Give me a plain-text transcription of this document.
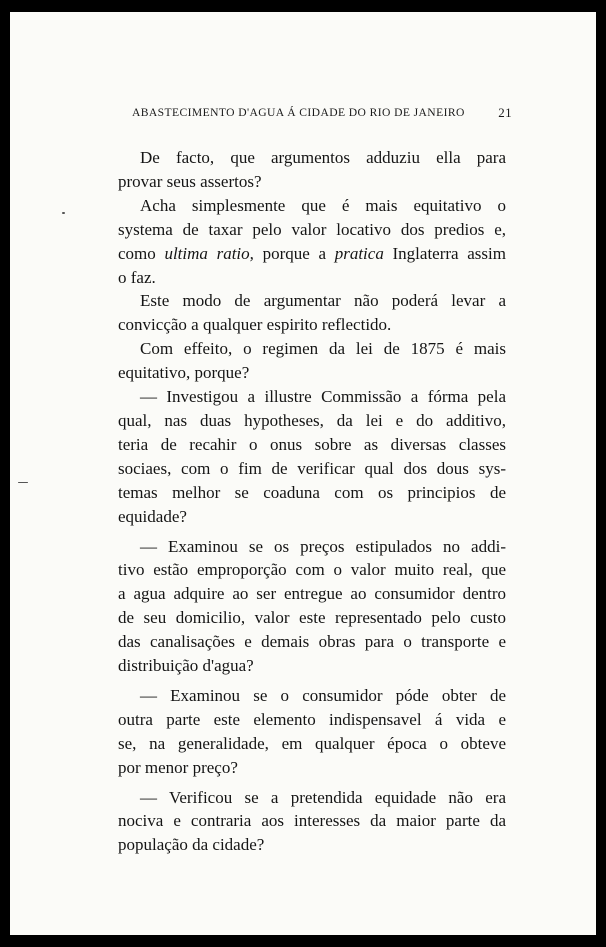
ABASTECIMENTO D'AGUA Á CIDADE DO RIO DE JANEIRO	21
De facto, que argumentos adduziu ella para
provar seus assertos?
Acha simplesmente que é mais equitativo o
systema de taxar pelo valor locativo dos predios e,
como ultima ratio, porque a pratica Inglaterra assim
o faz.
Este modo de argumentar não poderá levar a
convicção a qualquer espirito reflectido.
Com effeito, o regimen da lei de 1875 é mais
equitativo, porque?
— Investigou a illustre Commissão a fórma pela
qual, nas duas hypotheses, da lei e do additivo,
teria de recahir o onus sobre as diversas classes
sociaes, com o fim de verificar qual dos dous sys-
temas melhor se coaduna com os principios de
equidade?
— Examinou se os preços estipulados no addi-
tivo estão emproporção com o valor muito real, que
a agua adquire ao ser entregue ao consumidor dentro
de seu domicilio, valor este representado pelo custo
das canalisações e demais obras para o transporte e
distribuição d'agua?
— Examinou se o consumidor póde obter de
outra parte este elemento indispensavel á vida e
se, na generalidade, em qualquer época o obteve
por menor preço?
— Verificou se a pretendida equidade não era
nociva e contraria aos interesses da maior parte da
população da cidade?
